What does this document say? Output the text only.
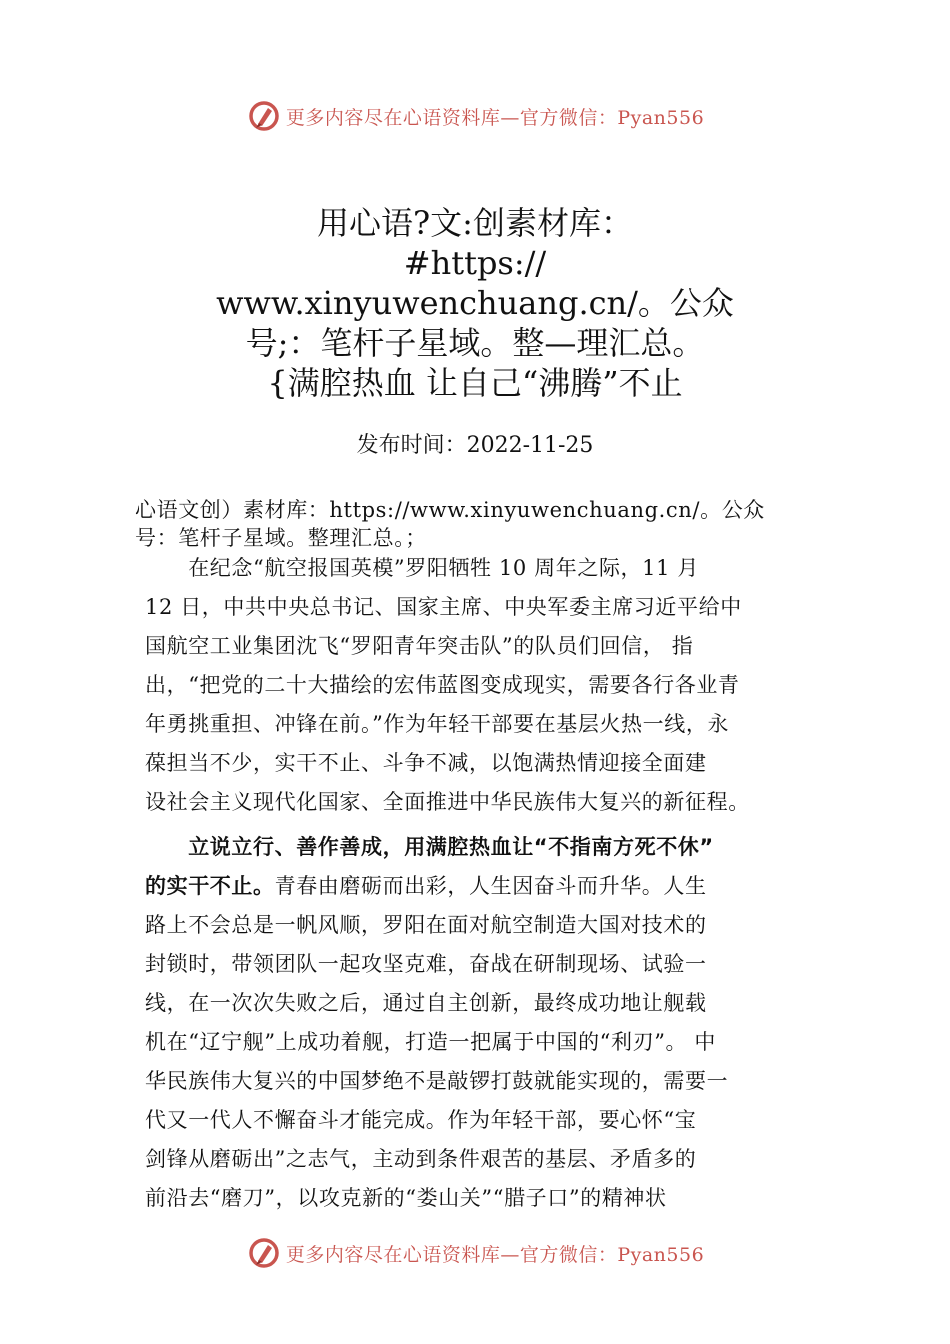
更多内容尽在心语资料库—官方微信：Pyan556
用心语?文:创素材库：
#https://
www.xinyuwenchuang.cn/。公众
号;：笔杆子星域。整—理汇总。
{满腔热血 让自己“沸腾”不止
发布时间：2022-11-25
心语文创）素材库：https://www.xinyuwenchuang.cn/。公众
号：笔杆子星域。整理汇总。；
　　在纪念“航空报国英模”罗阳牺牲 10 周年之际，11 月
12 日，中共中央总书记、国家主席、中央军委主席习近平给中
国航空工业集团沈飞“罗阳青年突击队”的队员们回信， 指
出，“把党的二十大描绘的宏伟蓝图变成现实，需要各行各业青
年勇挑重担、冲锋在前。”作为年轻干部要在基层火热一线，永
葆担当不少，实干不止、斗争不减，以饱满热情迎接全面建
设社会主义现代化国家、全面推进中华民族伟大复兴的新征程。
　　立说立行、善作善成，用满腔热血让“不指南方死不休”
的实干不止。青春由磨砺而出彩，人生因奋斗而升华。人生
路上不会总是一帆风顺，罗阳在面对航空制造大国对技术的
封锁时，带领团队一起攻坚克难，奋战在研制现场、试验一
线，在一次次失败之后，通过自主创新，最终成功地让舰载
机在“辽宁舰”上成功着舰，打造一把属于中国的“利刃”。 中
华民族伟大复兴的中国梦绝不是敲锣打鼓就能实现的，需要一
代又一代人不懈奋斗才能完成。作为年轻干部，要心怀“宝
剑锋从磨砺出”之志气，主动到条件艰苦的基层、矛盾多的
前沿去“磨刀”，以攻克新的“娄山关”“腊子口”的精神状
更多内容尽在心语资料库—官方微信：Pyan556
